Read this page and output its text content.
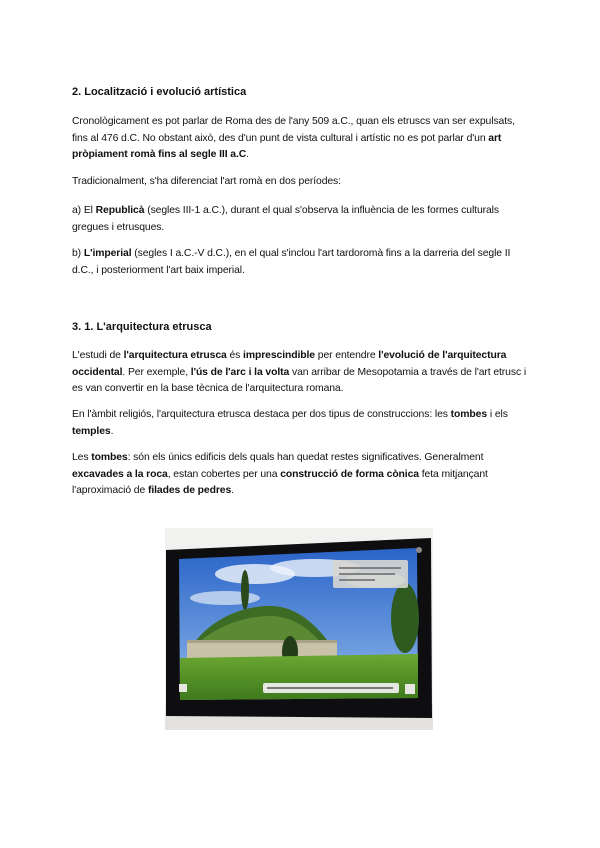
2. Localització i evolució artística
Cronològicament es pot parlar de Roma des de l'any 509 a.C., quan els etruscs van ser expulsats, fins al 476 d.C. No obstant això, des d'un punt de vista cultural i artístic no es pot parlar d'un art pròpiament romà fins al segle III a.C.
Tradicionalment, s'ha diferenciat l'art romà en dos períodes:
a) El Republicà (segles III-1 a.C.), durant el qual s'observa la influència de les formes culturals gregues i etrusques.
b) L'imperial (segles I a.C.-V d.C.), en el qual s'inclou l'art tardoromà fins a la darreria del segle II d.C., i posteriorment l'art baix imperial.
3. 1. L'arquitectura etrusca
L'estudi de l'arquitectura etrusca és imprescindible per entendre l'evolució de l'arquitectura occidental. Per exemple, l'ús de l'arc i la volta van arribar de Mesopotamia a través de l'art etrusc i es van convertir en la base tècnica de l'arquitectura romana.
En l'àmbit religiós, l'arquitectura etrusca destaca per dos tipus de construccions: les tombes i els temples.
Les tombes: són els únics edificis dels quals han quedat restes significatives. Generalment excavades a la roca, estan cobertes per una construcció de forma cònica feta mitjançant l'aproximació de filades de pedres.
